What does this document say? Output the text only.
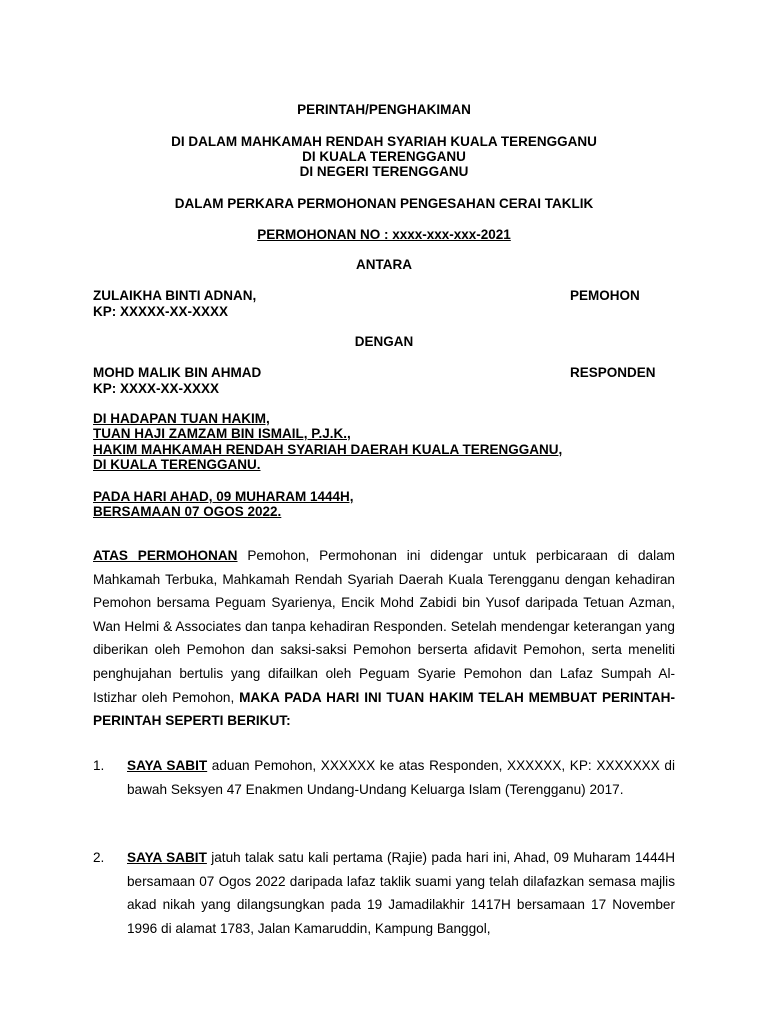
PERINTAH/PENGHAKIMAN
DI DALAM MAHKAMAH RENDAH SYARIAH KUALA TERENGGANU
DI KUALA TERENGGANU
DI NEGERI TERENGGANU
DALAM PERKARA PERMOHONAN PENGESAHAN CERAI TAKLIK
PERMOHONAN NO : xxxx-xxx-xxx-2021
ANTARA
ZULAIKHA BINTI ADNAN,	PEMOHON
KP: XXXXX-XX-XXXX
DENGAN
MOHD MALIK BIN AHMAD	RESPONDEN
KP: XXXX-XX-XXXX
DI HADAPAN TUAN HAKIM,
TUAN HAJI ZAMZAM BIN ISMAIL, P.J.K.,
HAKIM MAHKAMAH RENDAH SYARIAH DAERAH KUALA TERENGGANU,
DI KUALA TERENGGANU.
PADA HARI AHAD, 09 MUHARAM 1444H,
BERSAMAAN 07 OGOS 2022.

ATAS PERMOHONAN Pemohon, Permohonan ini didengar untuk perbicaraan di dalam Mahkamah Terbuka, Mahkamah Rendah Syariah Daerah Kuala Terengganu dengan kehadiran Pemohon bersama Peguam Syarienya, Encik Mohd Zabidi bin Yusof daripada Tetuan Azman, Wan Helmi & Associates dan tanpa kehadiran Responden. Setelah mendengar keterangan yang diberikan oleh Pemohon dan saksi-saksi Pemohon berserta afidavit Pemohon, serta meneliti penghujahan bertulis yang difailkan oleh Peguam Syarie Pemohon dan Lafaz Sumpah Al-Istizhar oleh Pemohon, MAKA PADA HARI INI TUAN HAKIM TELAH MEMBUAT PERINTAH-PERINTAH SEPERTI BERIKUT:

1. SAYA SABIT aduan Pemohon, XXXXXX ke atas Responden, XXXXXX, KP: XXXXXXX di bawah Seksyen 47 Enakmen Undang-Undang Keluarga Islam (Terengganu) 2017.

2. SAYA SABIT jatuh talak satu kali pertama (Rajie) pada hari ini, Ahad, 09 Muharam 1444H bersamaan 07 Ogos 2022 daripada lafaz taklik suami yang telah dilafazkan semasa majlis akad nikah yang dilangsungkan pada 19 Jamadilakhir 1417H bersamaan 17 November 1996 di alamat 1783, Jalan Kamaruddin, Kampung Banggol,
